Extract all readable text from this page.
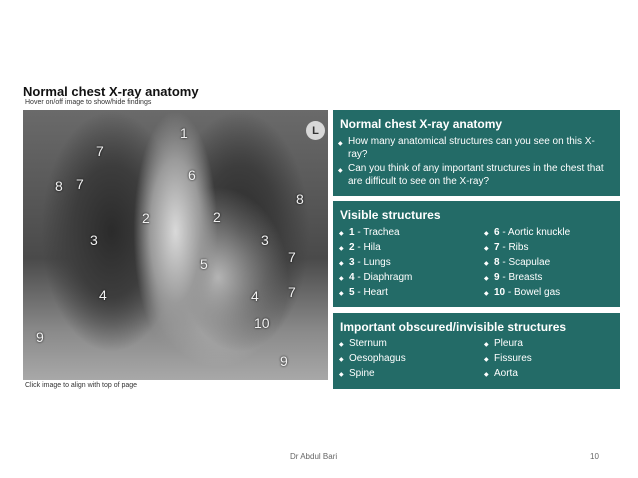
Normal chest X-ray anatomy
Hover on/off image to show/hide findings
L
1
7
6
8 7
8
2	2
3	3
5	7
4	4 7
10
9
9
Click image to align with top of page
Normal chest X-ray anatomy
◆ How many anatomical structures can you see on this X-ray?
◆ Can you think of any important structures in the chest that are difficult to see on the X-ray?
Visible structures
◆ 1 - Trachea
◆ 2 - Hila
◆ 3 - Lungs
◆ 4 - Diaphragm
◆ 5 - Heart
◆ 6 - Aortic knuckle
◆ 7 - Ribs
◆ 8 - Scapulae
◆ 9 - Breasts
◆ 10 - Bowel gas
Important obscured/invisible structures
◆ Sternum
◆ Oesophagus
◆ Spine
◆ Pleura
◆ Fissures
◆ Aorta
Dr Abdul Bari	10
